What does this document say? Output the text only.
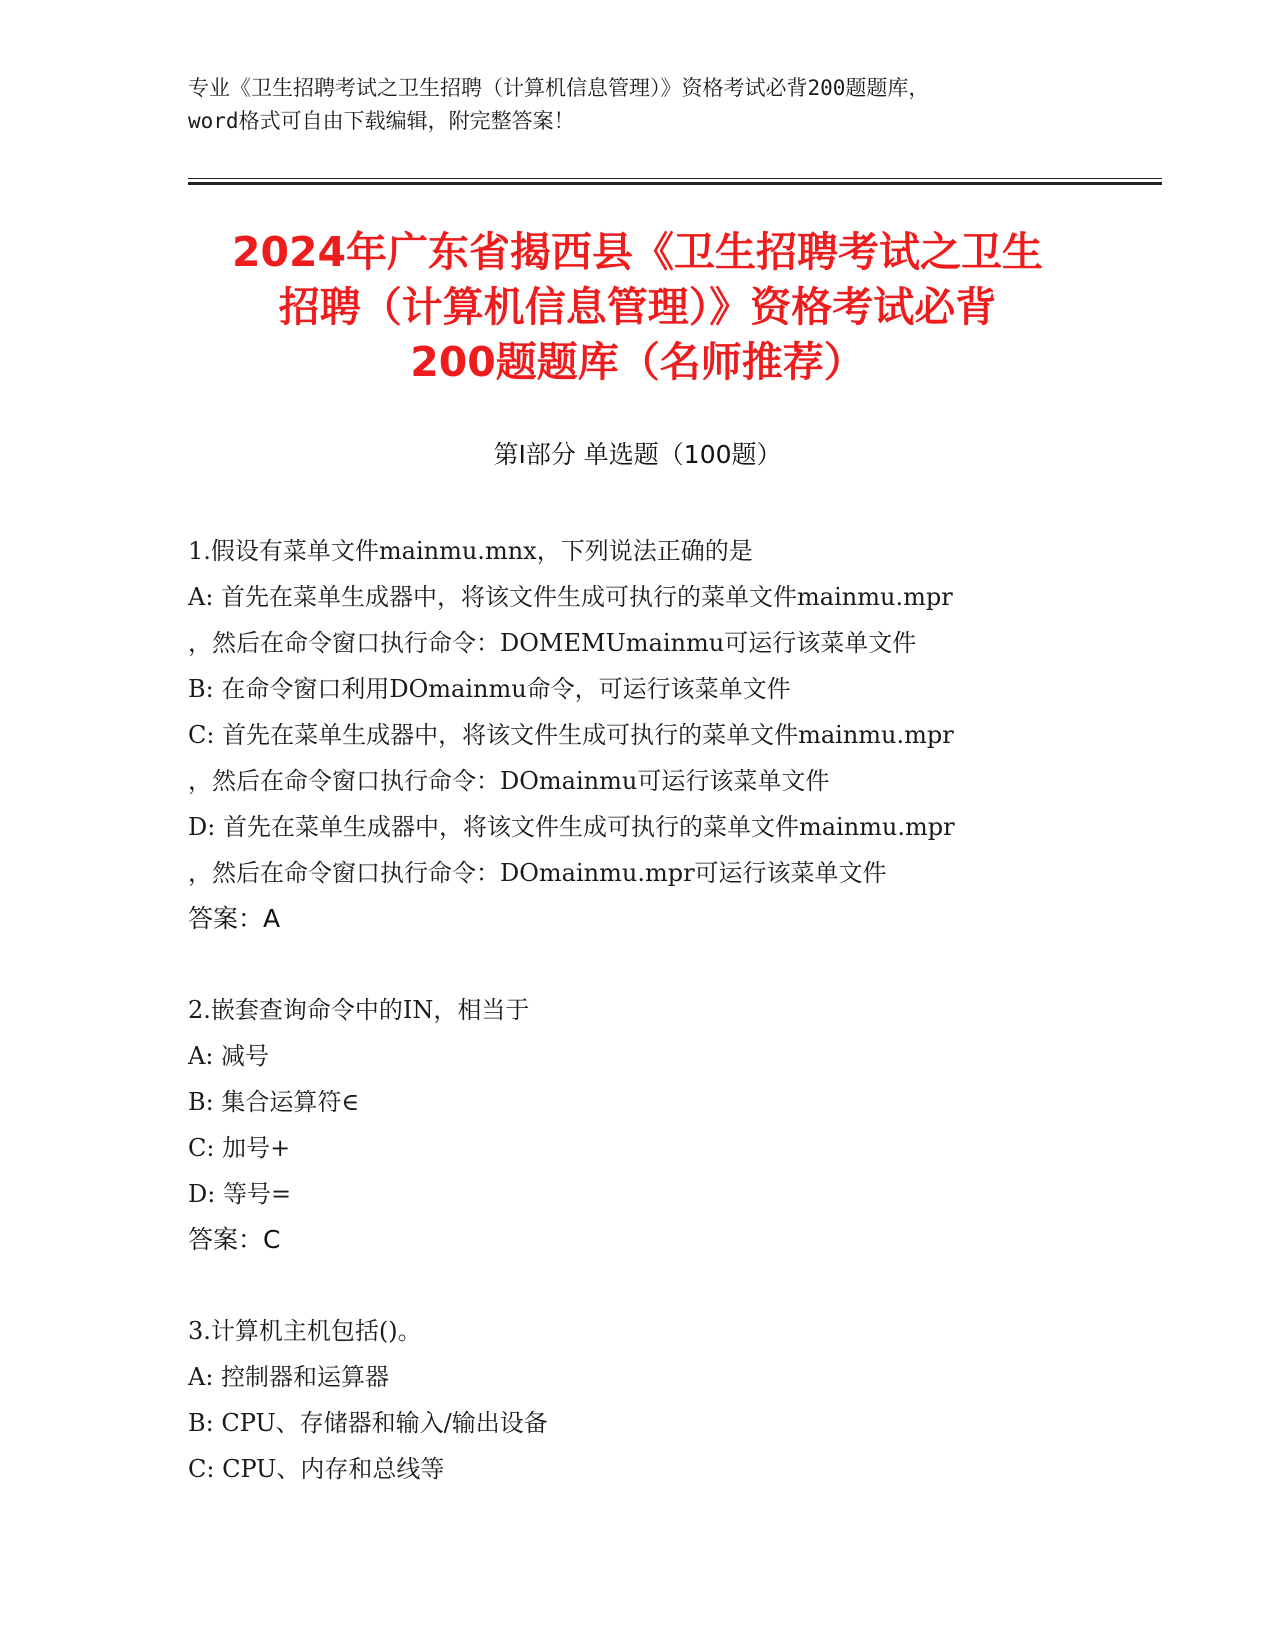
专业《卫生招聘考试之卫生招聘（计算机信息管理）》资格考试必背200题题库，
word格式可自由下载编辑，附完整答案！
2024年广东省揭西县《卫生招聘考试之卫生
招聘（计算机信息管理）》资格考试必背
200题题库（名师推荐）
第Ⅰ部分 单选题（100题）
1.假设有菜单文件mainmu.mnx，下列说法正确的是
A: 首先在菜单生成器中，将该文件生成可执行的菜单文件mainmu.mpr
，然后在命令窗口执行命令：DOMEMUmainmu可运行该菜单文件
B: 在命令窗口利用DOmainmu命令，可运行该菜单文件
C: 首先在菜单生成器中，将该文件生成可执行的菜单文件mainmu.mpr
，然后在命令窗口执行命令：DOmainmu可运行该菜单文件
D: 首先在菜单生成器中，将该文件生成可执行的菜单文件mainmu.mpr
，然后在命令窗口执行命令：DOmainmu.mpr可运行该菜单文件
答案：A
2.嵌套查询命令中的IN，相当于
A: 减号
B: 集合运算符∈
C: 加号+
D: 等号=
答案：C
3.计算机主机包括()。
A: 控制器和运算器
B: CPU、存储器和输入/输出设备
C: CPU、内存和总线等
